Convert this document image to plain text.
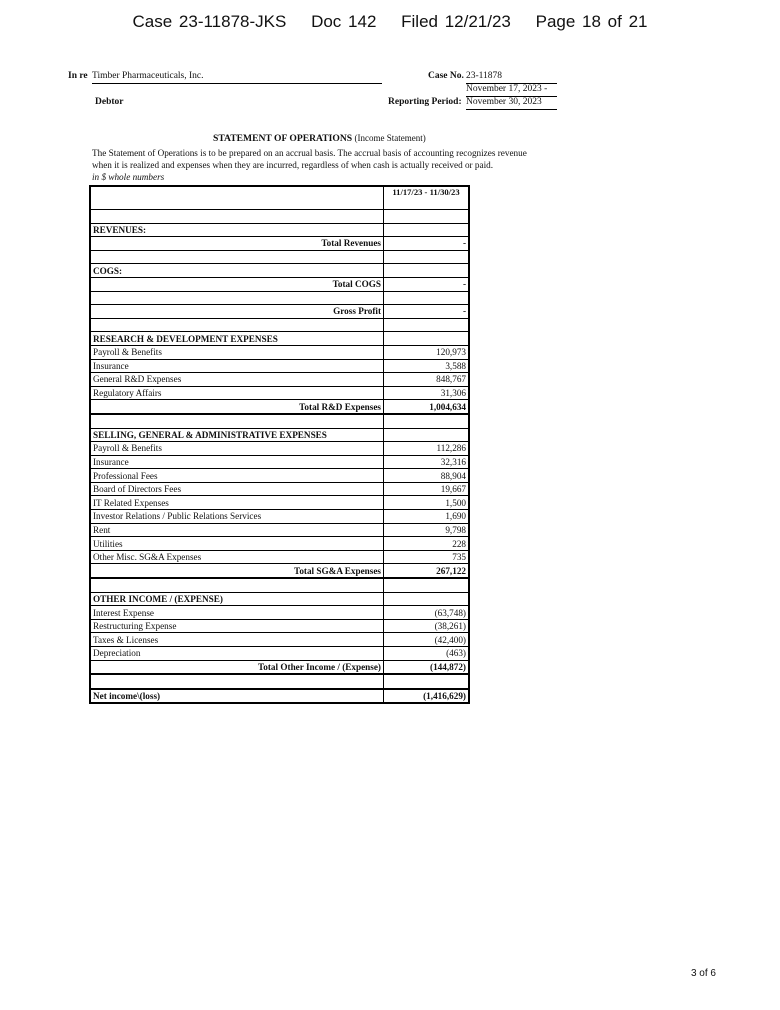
Case 23-11878-JKS Doc 142 Filed 12/21/23 Page 18 of 21
In re Timber Pharmaceuticals, Inc.
Debtor
Case No. 23-11878
November 17, 2023 -
Reporting Period: November 30, 2023
STATEMENT OF OPERATIONS (Income Statement)
The Statement of Operations is to be prepared on an accrual basis. The accrual basis of accounting recognizes revenue
when it is realized and expenses when they are incurred, regardless of when cash is actually received or paid.
in $ whole numbers
	11/17/23 - 11/30/23

REVENUES:	
Total Revenues	-

COGS:	
Total COGS	-

Gross Profit	-

RESEARCH & DEVELOPMENT EXPENSES	
Payroll & Benefits	120,973
Insurance	3,588
General R&D Expenses	848,767
Regulatory Affairs	31,306
Total R&D Expenses	1,004,634

SELLING, GENERAL & ADMINISTRATIVE EXPENSES	
Payroll & Benefits	112,286
Insurance	32,316
Professional Fees	88,904
Board of Directors Fees	19,667
IT Related Expenses	1,500
Investor Relations / Public Relations Services	1,690
Rent	9,798
Utilities	228
Other Misc. SG&A Expenses	735
Total SG&A Expenses	267,122

OTHER INCOME / (EXPENSE)	
Interest Expense	(63,748)
Restructuring Expense	(38,261)
Taxes & Licenses	(42,400)
Depreciation	(463)
Total Other Income / (Expense)	(144,872)

Net income\(loss)	(1,416,629)
3 of 6
